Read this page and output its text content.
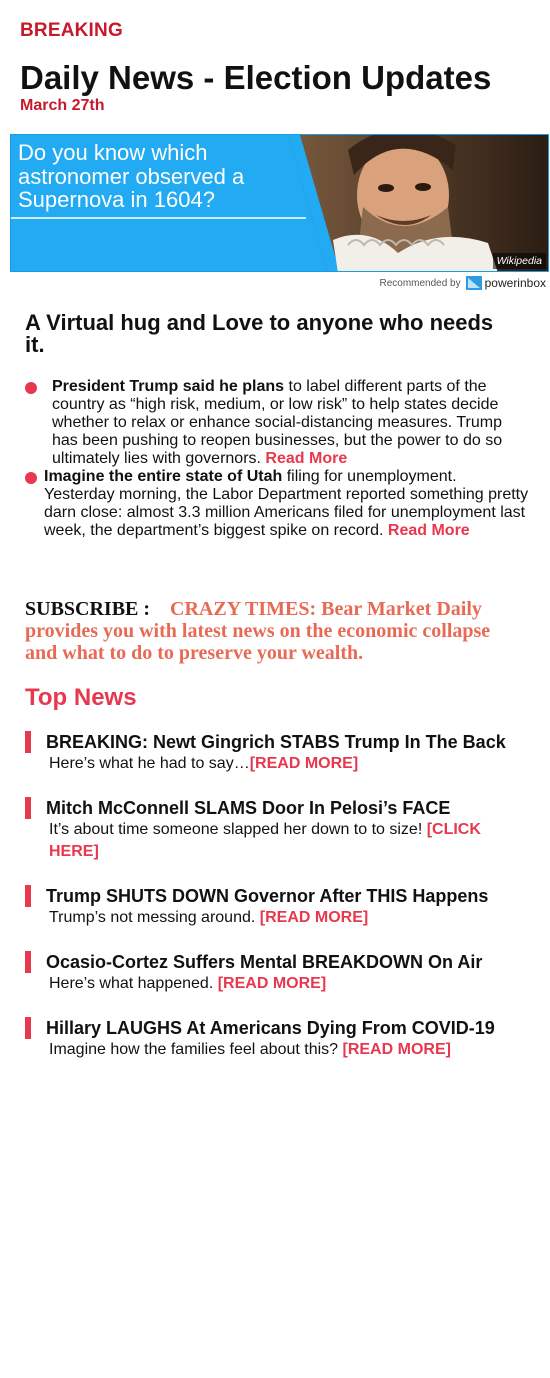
BREAKING
Daily News - Election Updates
March 27th
Do you know which astronomer observed a Supernova in 1604?
Wikipedia
Recommended by powerinbox
A Virtual hug and Love to anyone who needs it.
President Trump said he plans to label different parts of the country as “high risk, medium, or low risk” to help states decide whether to relax or enhance social-distancing measures. Trump has been pushing to reopen businesses, but the power to do so ultimately lies with governors. Read More
Imagine the entire state of Utah filing for unemployment. Yesterday morning, the Labor Department reported something pretty darn close: almost 3.3 million Americans filed for unemployment last week, the department’s biggest spike on record. Read More
SUBSCRIBE : CRAZY TIMES: Bear Market Daily provides you with latest news on the economic collapse and what to do to preserve your wealth.
Top News
BREAKING: Newt Gingrich STABS Trump In The Back
Here’s what he had to say…[READ MORE]
Mitch McConnell SLAMS Door In Pelosi’s FACE
It’s about time someone slapped her down to to size! [CLICK HERE]
Trump SHUTS DOWN Governor After THIS Happens
Trump’s not messing around. [READ MORE]
Ocasio-Cortez Suffers Mental BREAKDOWN On Air
Here’s what happened. [READ MORE]
Hillary LAUGHS At Americans Dying From COVID-19
Imagine how the families feel about this? [READ MORE]
